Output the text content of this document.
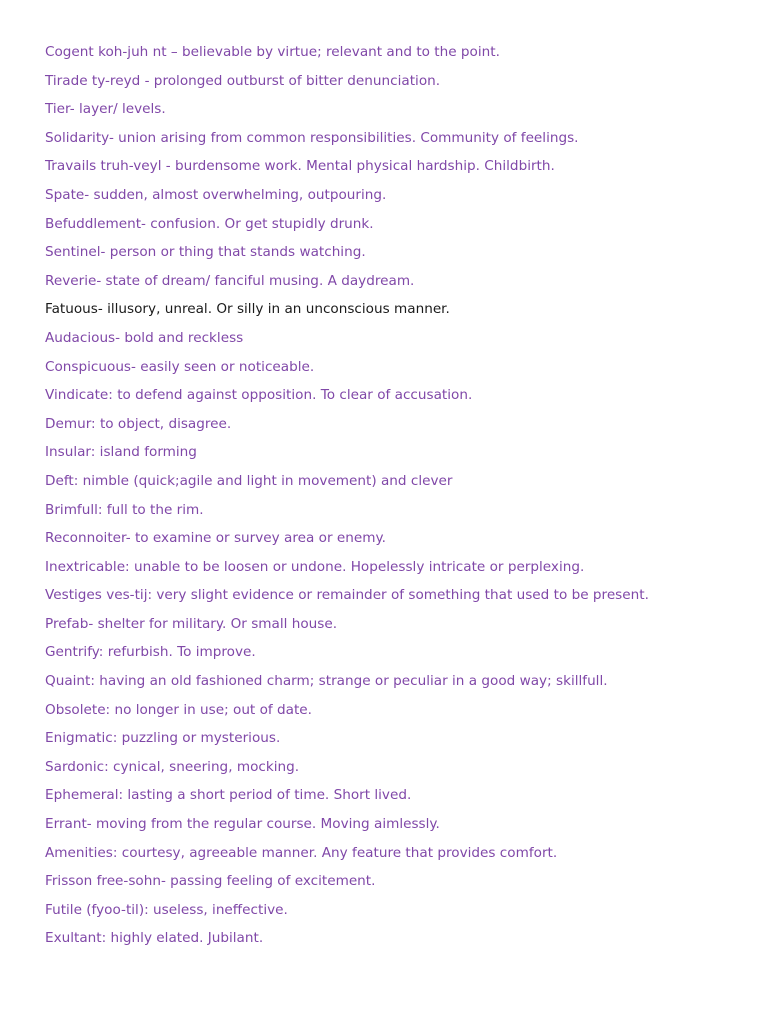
Cogent koh-juh nt – believable by virtue; relevant and to the point.
Tirade ty-reyd - prolonged outburst of bitter denunciation.
Tier- layer/ levels.
Solidarity- union arising from common responsibilities. Community of feelings.
Travails truh-veyl - burdensome work. Mental physical hardship. Childbirth.
Spate- sudden, almost overwhelming, outpouring.
Befuddlement- confusion. Or get stupidly drunk.
Sentinel- person or thing that stands watching.
Reverie- state of dream/ fanciful musing. A daydream.
Fatuous- illusory, unreal. Or silly in an unconscious manner.
Audacious- bold and reckless
Conspicuous- easily seen or noticeable.
Vindicate: to defend against opposition. To clear of accusation.
Demur: to object, disagree.
Insular: island forming
Deft: nimble (quick;agile and light in movement) and clever
Brimfull: full to the rim.
Reconnoiter- to examine or survey area or enemy.
Inextricable: unable to be loosen or undone. Hopelessly intricate or perplexing.
Vestiges ves-tij: very slight evidence or remainder of something that used to be present.
Prefab- shelter for military. Or small house.
Gentrify: refurbish. To improve.
Quaint: having an old fashioned charm; strange or peculiar in a good way; skillfull.
Obsolete: no longer in use; out of date.
Enigmatic: puzzling or mysterious.
Sardonic: cynical, sneering, mocking.
Ephemeral: lasting a short period of time. Short lived.
Errant- moving from the regular course. Moving aimlessly.
Amenities: courtesy, agreeable manner. Any feature that provides comfort.
Frisson free-sohn- passing feeling of excitement.
Futile (fyoo-til): useless, ineffective.
Exultant: highly elated. Jubilant.
